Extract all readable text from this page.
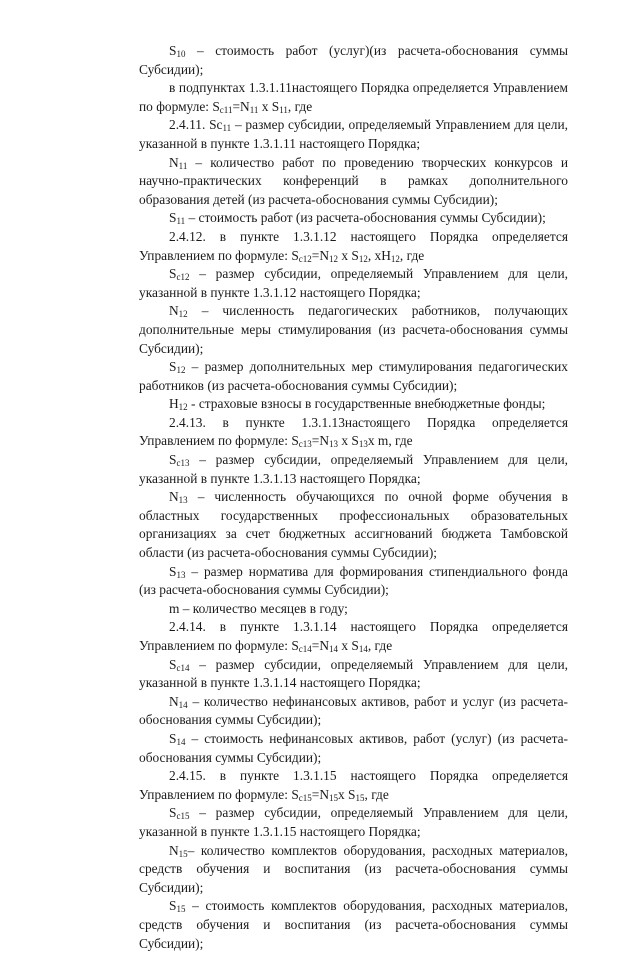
$S_{10}$ – стоимость работ (услуг)(из расчета-обоснования суммы Субсидии);

в подпунктах 1.3.1.11настоящего Порядка определяется Управлением по формуле: $S_{c11}=N_{11}$ x $S_{11}$, где

2.4.11. $Sc_{11}$ – размер субсидии, определяемый Управлением для цели, указанной в пункте 1.3.1.11 настоящего Порядка;

$N_{11}$ – количество работ по проведению творческих конкурсов и научно-практических конференций в рамках дополнительного образования детей (из расчета-обоснования суммы Субсидии);

$S_{11}$ – стоимость работ (из расчета-обоснования суммы Субсидии);

2.4.12. в пункте 1.3.1.12 настоящего Порядка определяется Управлением по формуле: $S_{c12}=N_{12}$ x $S_{12}$, $xH_{12}$, где

$S_{c12}$ – размер субсидии, определяемый Управлением для цели, указанной в пункте 1.3.1.12 настоящего Порядка;

$N_{12}$ – численность педагогических работников, получающих дополнительные меры стимулирования (из расчета-обоснования суммы Субсидии);

$S_{12}$ – размер дополнительных мер стимулирования педагогических работников (из расчета-обоснования суммы Субсидии);

$H_{12}$ - страховые взносы в государственные внебюджетные фонды;

2.4.13. в пункте 1.3.1.13настоящего Порядка определяется Управлением по формуле: $S_{c13}=N_{13}$ x $S_{13}x$ m, где

$S_{c13}$ – размер субсидии, определяемый Управлением для цели, указанной в пункте 1.3.1.13 настоящего Порядка;

$N_{13}$ – численность обучающихся по очной форме обучения в областных государственных профессиональных образовательных организациях за счет бюджетных ассигнований бюджета Тамбовской области (из расчета-обоснования суммы Субсидии);

$S_{13}$ – размер норматива для формирования стипендиального фонда (из расчета-обоснования суммы Субсидии);

m – количество месяцев в году;

2.4.14. в пункте 1.3.1.14 настоящего Порядка определяется Управлением по формуле: $S_{c14}=N_{14}$ x $S_{14}$, где

$S_{c14}$ – размер субсидии, определяемый Управлением для цели, указанной в пункте 1.3.1.14 настоящего Порядка;

$N_{14}$ – количество нефинансовых активов, работ и услуг (из расчета-обоснования суммы Субсидии);

$S_{14}$ – стоимость нефинансовых активов, работ (услуг) (из расчета-обоснования суммы Субсидии);

2.4.15. в пункте 1.3.1.15 настоящего Порядка определяется Управлением по формуле: $S_{c15}=N_{15}x$ $S_{15}$, где

$S_{c15}$ – размер субсидии, определяемый Управлением для цели, указанной в пункте 1.3.1.15 настоящего Порядка;

$N_{15}-$ количество комплектов оборудования, расходных материалов, средств обучения и воспитания (из расчета-обоснования суммы Субсидии);

$S_{15}$ – стоимость комплектов оборудования, расходных материалов, средств обучения и воспитания (из расчета-обоснования суммы Субсидии);
